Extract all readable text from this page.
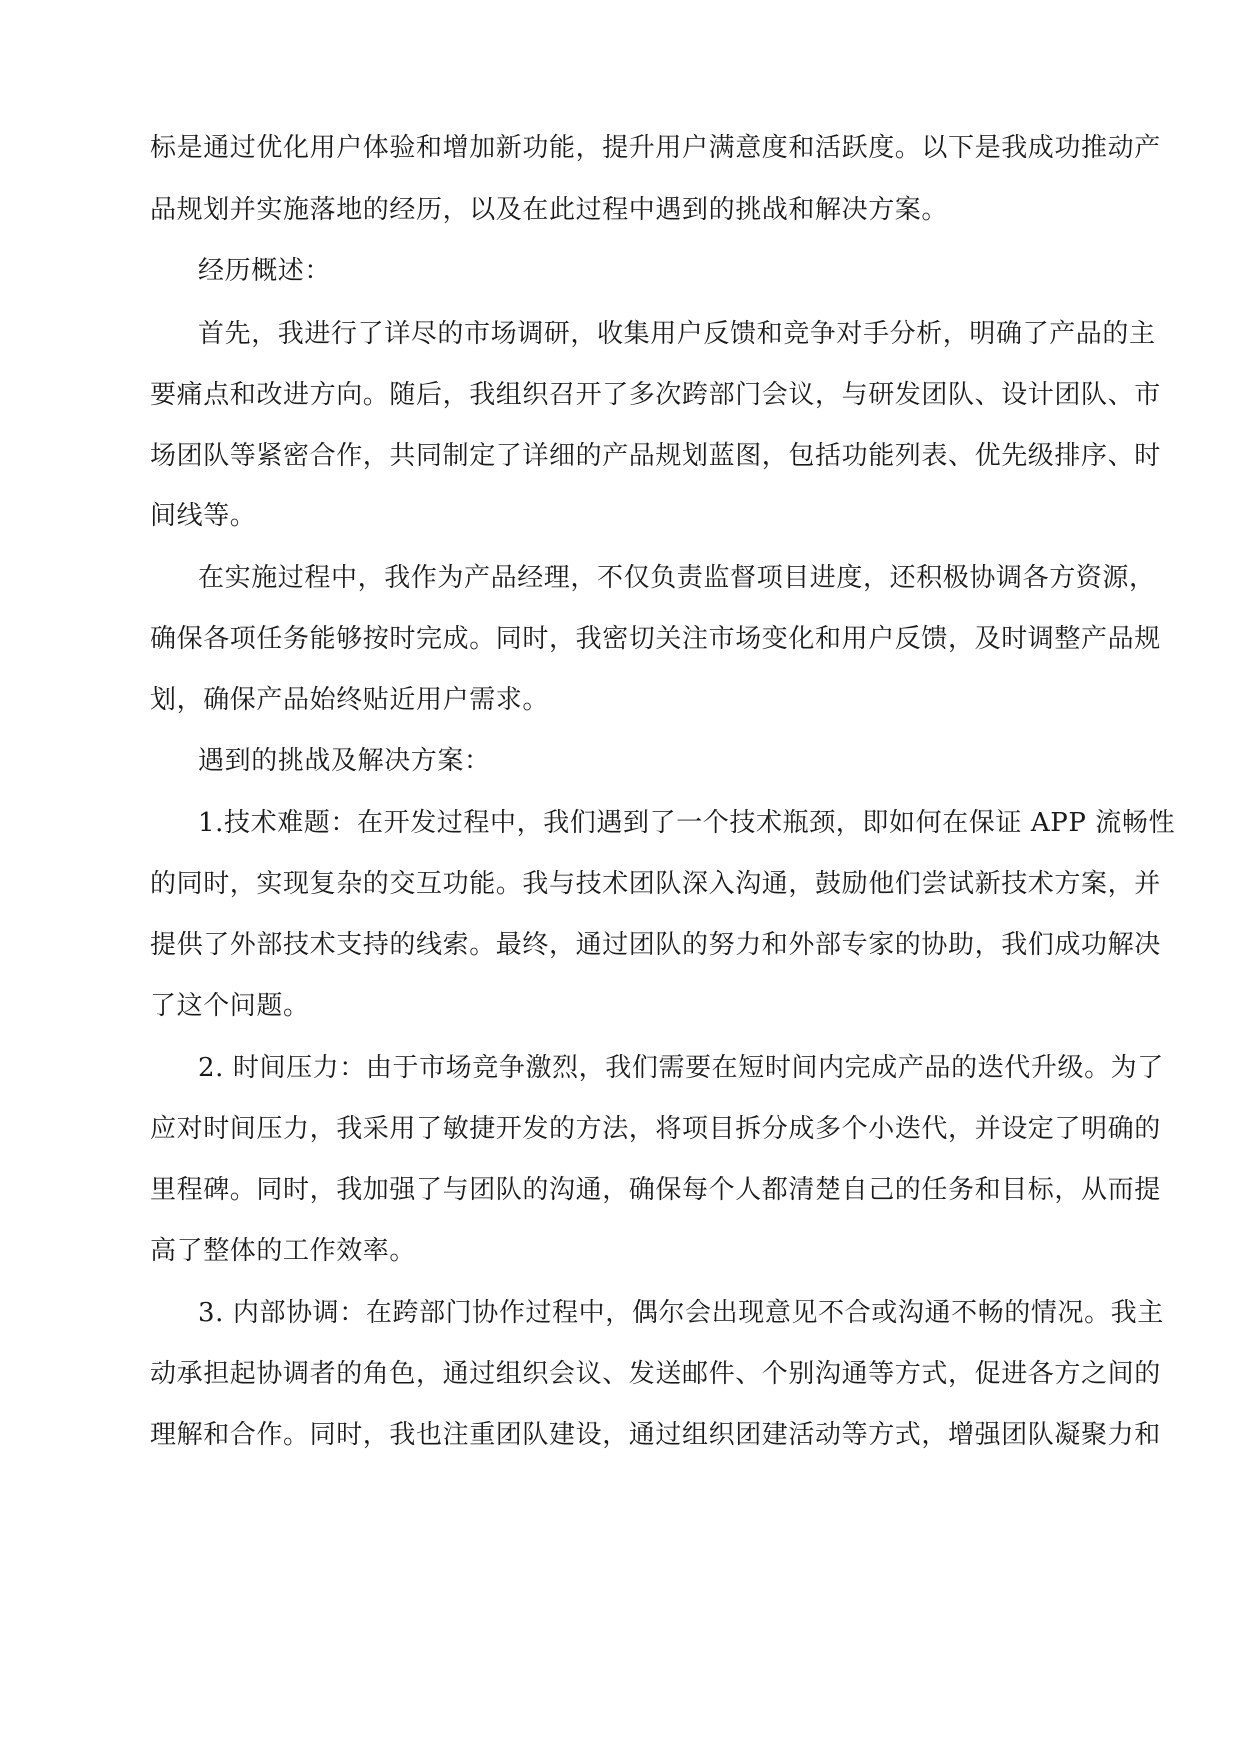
标是通过优化用户体验和增加新功能，提升用户满意度和活跃度。以下是我成功推动产
品规划并实施落地的经历，以及在此过程中遇到的挑战和解决方案。
经历概述：
首先，我进行了详尽的市场调研，收集用户反馈和竞争对手分析，明确了产品的主
要痛点和改进方向。随后，我组织召开了多次跨部门会议，与研发团队、设计团队、市
场团队等紧密合作，共同制定了详细的产品规划蓝图，包括功能列表、优先级排序、时
间线等。
在实施过程中，我作为产品经理，不仅负责监督项目进度，还积极协调各方资源，
确保各项任务能够按时完成。同时，我密切关注市场变化和用户反馈，及时调整产品规
划，确保产品始终贴近用户需求。
遇到的挑战及解决方案：
1.技术难题：在开发过程中，我们遇到了一个技术瓶颈，即如何在保证 APP 流畅性
的同时，实现复杂的交互功能。我与技术团队深入沟通，鼓励他们尝试新技术方案，并
提供了外部技术支持的线索。最终，通过团队的努力和外部专家的协助，我们成功解决
了这个问题。
2. 时间压力：由于市场竞争激烈，我们需要在短时间内完成产品的迭代升级。为了
应对时间压力，我采用了敏捷开发的方法，将项目拆分成多个小迭代，并设定了明确的
里程碑。同时，我加强了与团队的沟通，确保每个人都清楚自己的任务和目标，从而提
高了整体的工作效率。
3. 内部协调：在跨部门协作过程中，偶尔会出现意见不合或沟通不畅的情况。我主
动承担起协调者的角色，通过组织会议、发送邮件、个别沟通等方式，促进各方之间的
理解和合作。同时，我也注重团队建设，通过组织团建活动等方式，增强团队凝聚力和
